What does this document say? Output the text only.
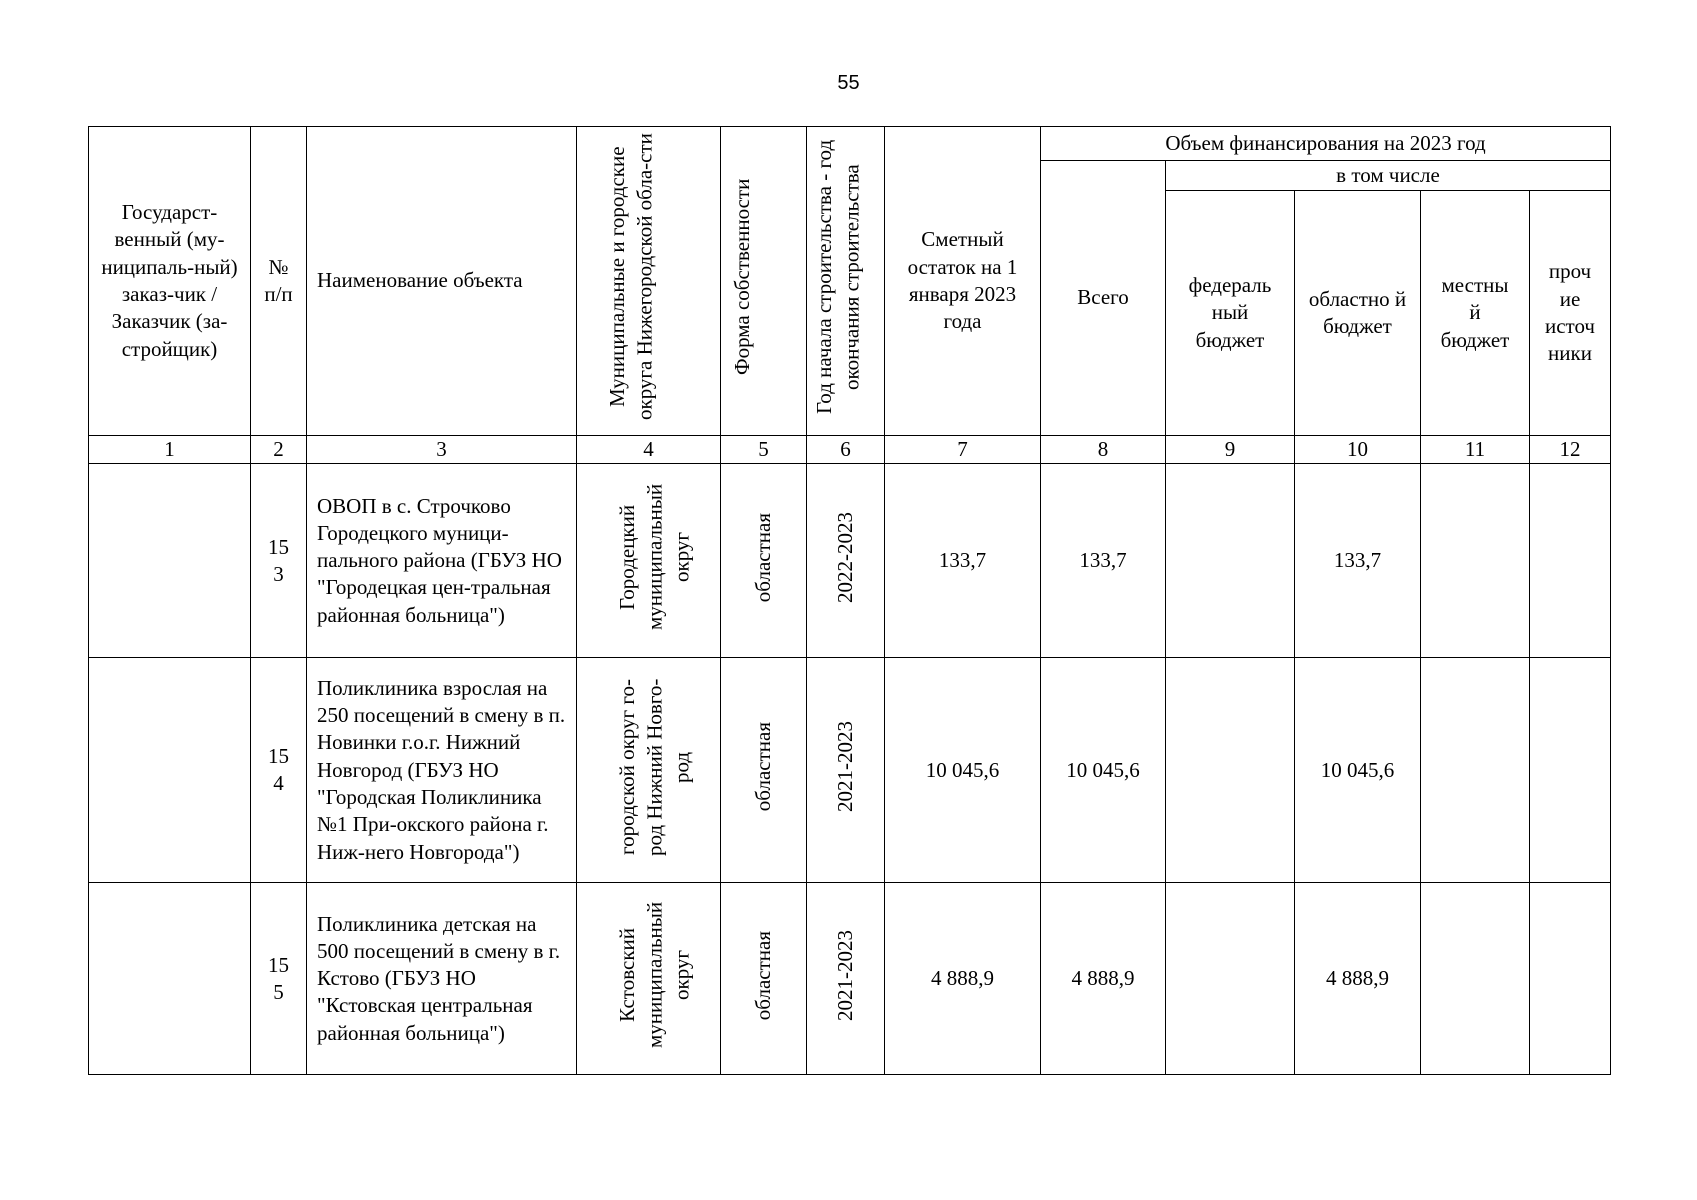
55
Государст-венный (му-ниципаль-ный) заказ-чик / Заказчик (за-стройщик)	№ п/п	Наименование объекта	Муниципальные и городские округа Нижегородской обла-сти	Форма собственности	Год начала строительства - год окончания строительства	Сметный остаток на 1 января 2023 года	Объем финансирования на 2023 год				
							Всего	в том числе			

								федераль ный бюджет	областно й бюджет	местны й бюджет	проч ие источ ники

1	2	3	4	5	6	7	8	9	10	11	12

	15 3	ОВОП в с. Строчково Городецкого муници-пального района (ГБУЗ НО "Городецкая цен-тральная районная больница")	Городецкий муниципальный округ	областная	2022-2023	133,7	133,7		133,7		

	15 4	Поликлиника взрослая на 250 посещений в смену в п. Новинки г.о.г. Нижний Новгород (ГБУЗ НО "Городская Поликлиника №1 При-окского района г. Ниж-него Новгорода")	городской округ го-род Нижний Новго-род	областная	2021-2023	10 045,6	10 045,6		10 045,6		

	15 5	Поликлиника детская на 500 посещений в смену в г. Кстово (ГБУЗ НО "Кстовская центральная районная больница")	Кстовский муниципальный округ	областная	2021-2023	4 888,9	4 888,9		4 888,9		
